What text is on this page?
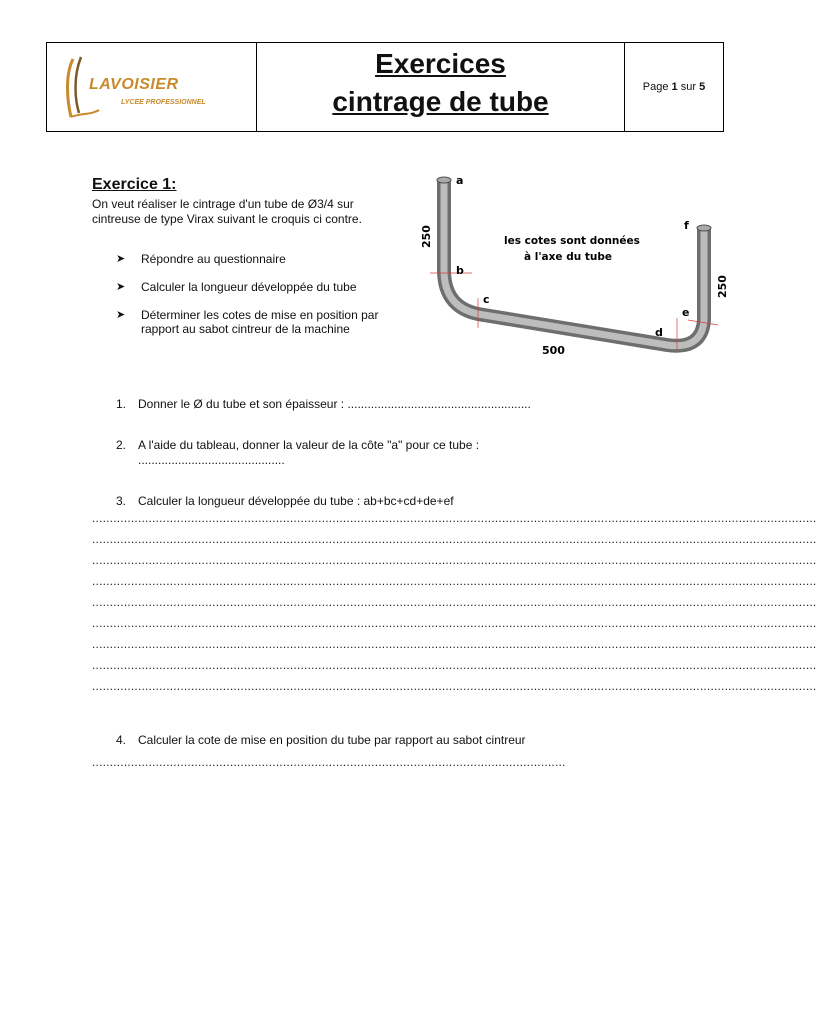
LAVOISIER
LYCEE PROFESSIONNEL
Exercices
cintrage de tube	Page
1
sur
5
Exercice 1:
On veut réaliser le cintrage d'un tube de Ø3/4 sur cintreuse de type Virax suivant le croquis ci contre.
➤	Répondre au questionnaire
➤	Calculer la longueur développée du tube
➤	Déterminer les cotes de mise en position par rapport au sabot cintreur de la machine
a
b
c
d
e
f
250
250
500
les cotes sont données
à l'axe du tube
1. Donner le Ø du tube et son épaisseur : .......................................................
2. A l'aide du tableau, donner la valeur de la côte "a" pour ce tube :
............................................
3. Calculer la longueur développée du tube : ab+bc+cd+de+ef
.............................................................................................................................................................................................................
.............................................................................................................................................................................................................
.............................................................................................................................................................................................................
.............................................................................................................................................................................................................
.............................................................................................................................................................................................................
.............................................................................................................................................................................................................
.............................................................................................................................................................................................................
.............................................................................................................................................................................................................
.............................................................................................................................................................................................................
4. Calculer la cote de mise en position du tube par rapport au sabot cintreur
......................................................................................................................................
